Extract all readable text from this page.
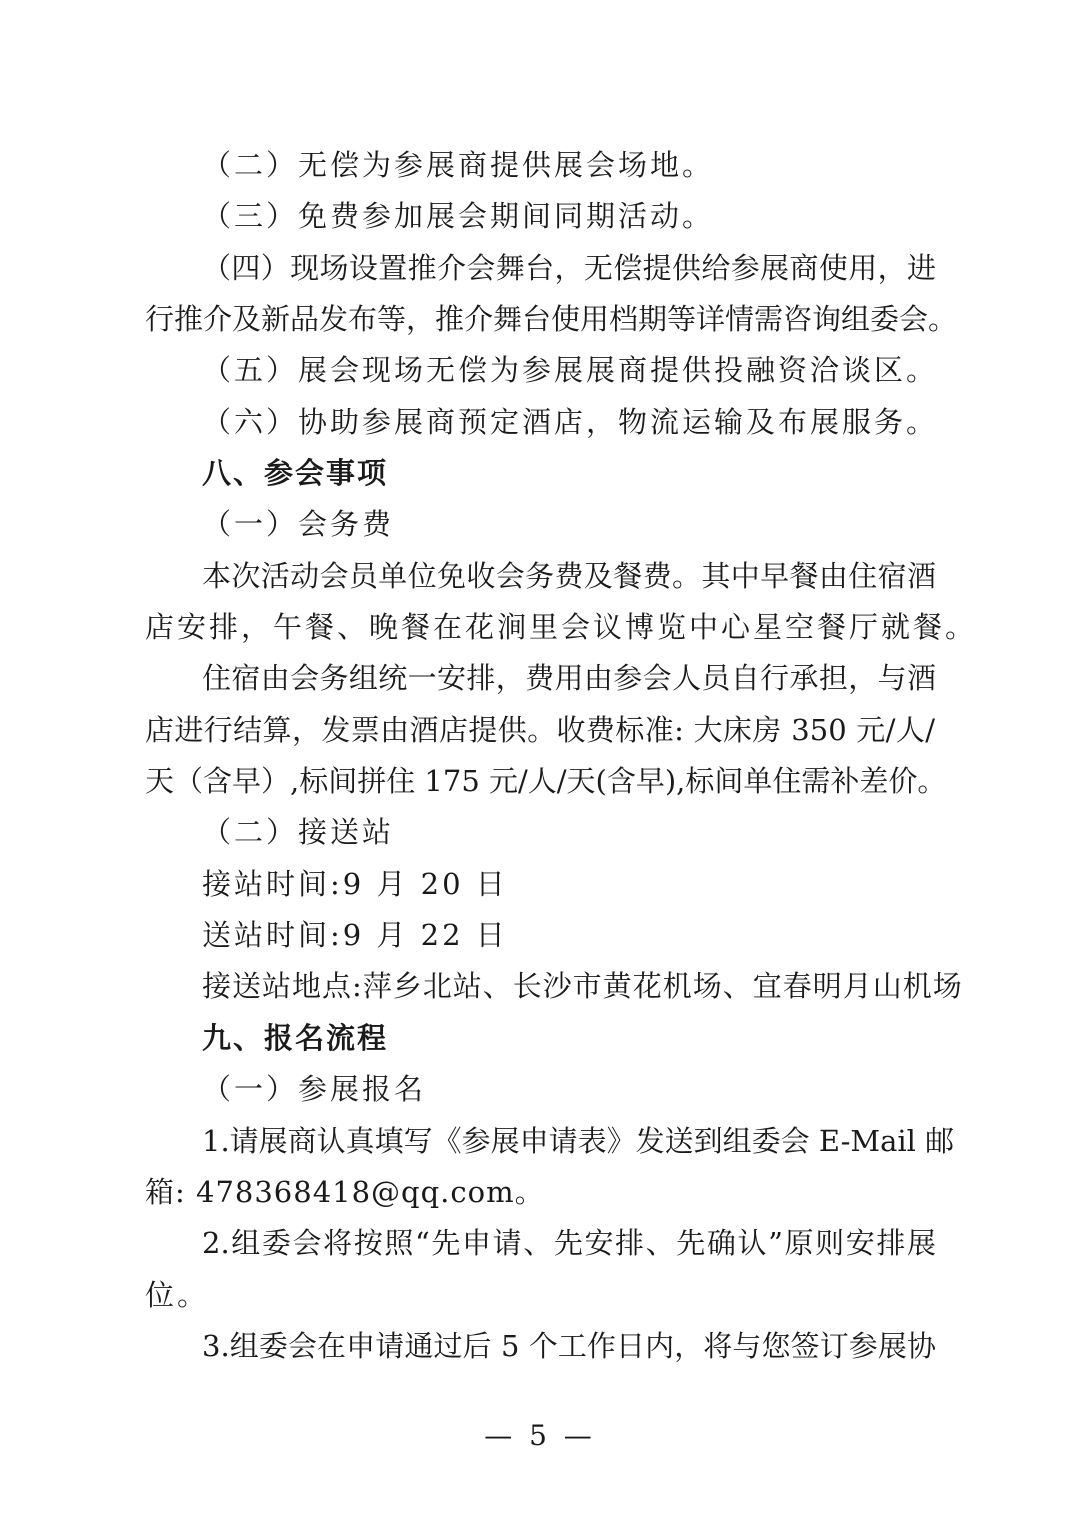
（二）无偿为参展商提供展会场地。
（三）免费参加展会期间同期活动。
（四）现场设置推介会舞台，无偿提供给参展商使用，进
行推介及新品发布等，推介舞台使用档期等详情需咨询组委会。
（五）展会现场无偿为参展展商提供投融资洽谈区。
（六）协助参展商预定酒店，物流运输及布展服务。
八、参会事项
（一）会务费
本次活动会员单位免收会务费及餐费。其中早餐由住宿酒
店安排，午餐、晚餐在花涧里会议博览中心星空餐厅就餐。
住宿由会务组统一安排，费用由参会人员自行承担，与酒
店进行结算，发票由酒店提供。收费标准: 大床房 350 元/人/
天（含早）,标间拼住 175 元/人/天(含早),标间单住需补差价。
（二）接送站
接站时间:9 月 20 日
送站时间:9 月 22 日
接送站地点:萍乡北站、长沙市黄花机场、宜春明月山机场
九、报名流程
（一）参展报名
1.请展商认真填写《参展申请表》发送到组委会 E-Mail 邮
箱: 478368418@qq.com。
2.组委会将按照“先申请、先安排、先确认”原则安排展
位。
3.组委会在申请通过后 5 个工作日内，将与您签订参展协
— 5 —
